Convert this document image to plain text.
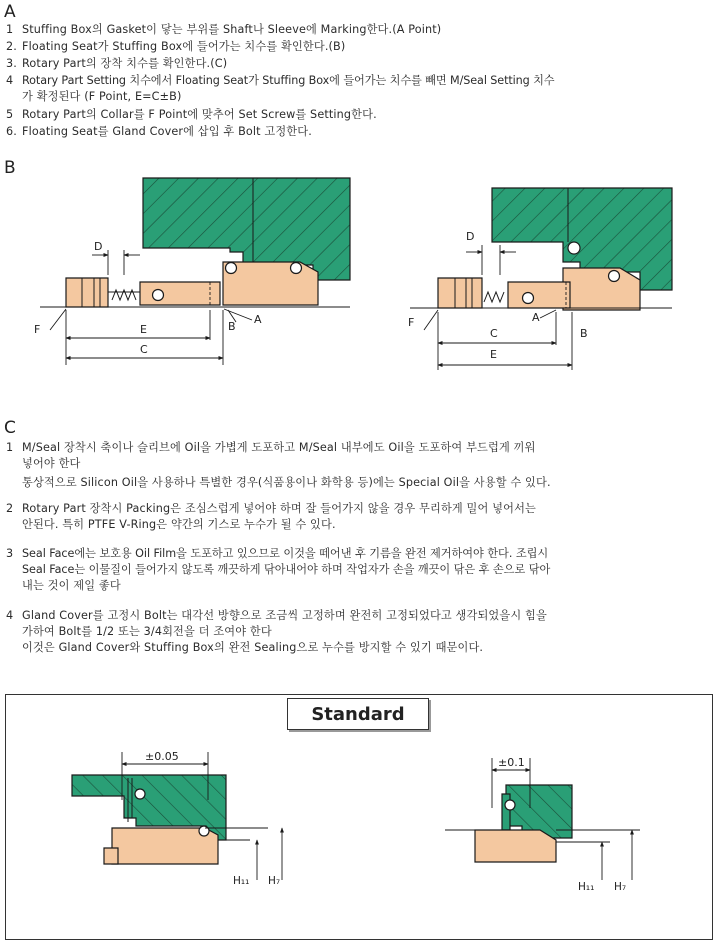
A
1 Stuffing Box의 Gasket이 닿는 부위를 Shaft나 Sleeve에 Marking한다.(A Point)
2. Floating Seat가 Stuffing Box에 들어가는 치수를 확인한다.(B)
3. Rotary Part의 장착 치수를 확인한다.(C)
4 Rotary Part Setting 치수에서 Floating Seat가 Stuffing Box에 들어가는 치수를 빼면 M/Seal Setting 치수
가 확정된다 (F Point, E=C±B)
5 Rotary Part의 Collar를 F Point에 맞추어 Set Screw를 Setting한다.
6. Floating Seat를 Gland Cover에 삽입 후 Bolt 고정한다.
B
D
E
C
F
A
B
D
C
E
F	A
B
±0.05
H₁₁ H₇
±0.1
H₁₁ H₇
C
1 M/Seal 장착시 축이나 슬리브에 Oil을 가볍게 도포하고 M/Seal 내부에도 Oil을 도포하여 부드럽게 끼워
넣어야 한다
통상적으로 Silicon Oil을 사용하나 특별한 경우(식품용이나 화학용 등)에는 Special Oil을 사용할 수 있다.
2 Rotary Part 장착시 Packing은 조심스럽게 넣어야 하며 잘 들어가지 않을 경우 무리하게 밀어 넣어서는
안된다. 특히 PTFE V-Ring은 약간의 기스로 누수가 될 수 있다.
3 Seal Face에는 보호용 Oil Film을 도포하고 있으므로 이것을 떼어낸 후 기름을 완전 제거하여야 한다. 조립시
Seal Face는 이물질이 들어가지 않도록 깨끗하게 닦아내어야 하며 작업자가 손을 깨끗이 닦은 후 손으로 닦아
내는 것이 제일 좋다
4 Gland Cover를 고정시 Bolt는 대각선 방향으로 조금씩 고정하며 완전히 고정되었다고 생각되었을시 힘을
가하여 Bolt를 1/2 또는 3/4회전을 더 조여야 한다
이것은 Gland Cover와 Stuffing Box의 완전 Sealing으로 누수를 방지할 수 있기 때문이다.
Standard
